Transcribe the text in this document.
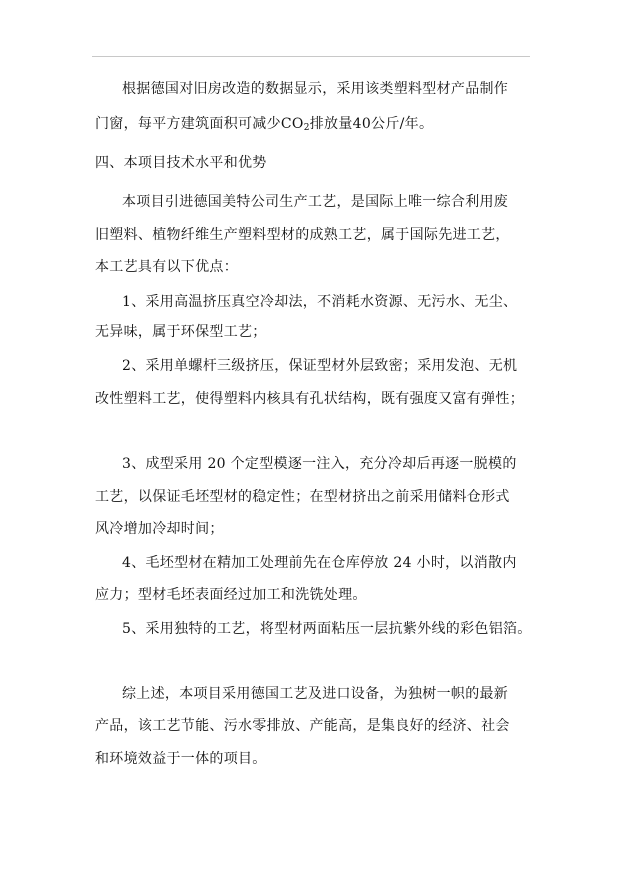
根据德国对旧房改造的数据显示，采用该类塑料型材产品制作
门窗，每平方建筑面积可减少$CO_2$排放量40公斤/年。
四、本项目技术水平和优势
本项目引进德国美特公司生产工艺，是国际上唯一综合利用废
旧塑料、植物纤维生产塑料型材的成熟工艺，属于国际先进工艺，
本工艺具有以下优点：
1、采用高温挤压真空冷却法，不消耗水资源、无污水、无尘、
无异味，属于环保型工艺；
2、采用单螺杆三级挤压，保证型材外层致密；采用发泡、无机
改性塑料工艺，使得塑料内核具有孔状结构，既有强度又富有弹性；
3、成型采用 20 个定型模逐一注入，充分冷却后再逐一脱模的
工艺，以保证毛坯型材的稳定性；在型材挤出之前采用储料仓形式
风冷增加冷却时间；
4、毛坯型材在精加工处理前先在仓库停放 24 小时，以消散内
应力；型材毛坯表面经过加工和洗铣处理。
5、采用独特的工艺，将型材两面粘压一层抗紫外线的彩色铝箔。
综上述，本项目采用德国工艺及进口设备，为独树一帜的最新
产品，该工艺节能、污水零排放、产能高，是集良好的经济、社会
和环境效益于一体的项目。
